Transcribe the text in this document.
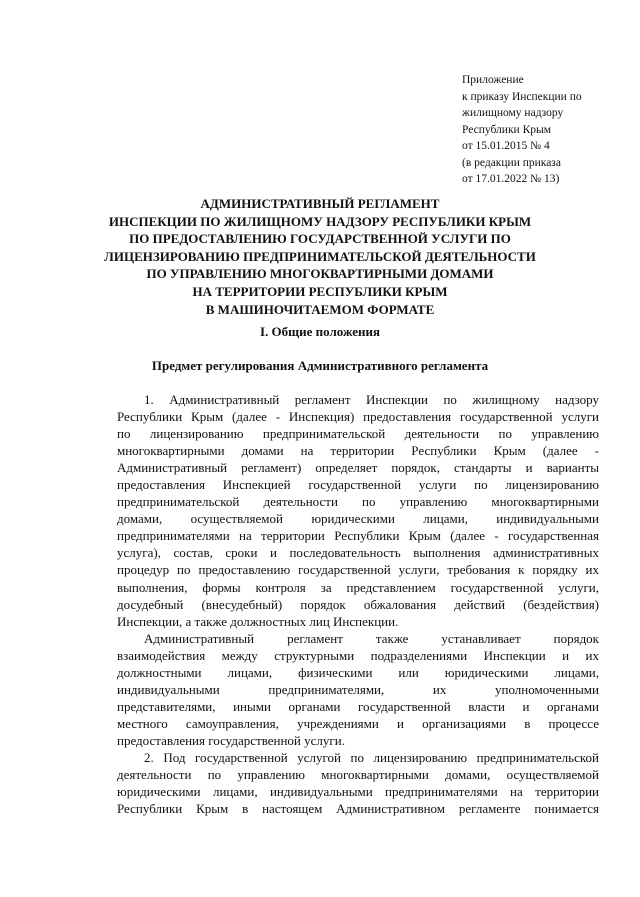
Приложение
к приказу Инспекции по
жилищному надзору
Республики Крым
от 15.01.2015 № 4
(в редакции приказа
от 17.01.2022 № 13)
АДМИНИСТРАТИВНЫЙ РЕГЛАМЕНТ
ИНСПЕКЦИИ ПО ЖИЛИЩНОМУ НАДЗОРУ РЕСПУБЛИКИ КРЫМ
ПО ПРЕДОСТАВЛЕНИЮ ГОСУДАРСТВЕННОЙ УСЛУГИ ПО
ЛИЦЕНЗИРОВАНИЮ ПРЕДПРИНИМАТЕЛЬСКОЙ ДЕЯТЕЛЬНОСТИ
ПО УПРАВЛЕНИЮ МНОГОКВАРТИРНЫМИ ДОМАМИ
НА ТЕРРИТОРИИ РЕСПУБЛИКИ КРЫМ
В МАШИНОЧИТАЕМОМ ФОРМАТЕ
I. Общие положения
Предмет регулирования Административного регламента
1. Административный регламент Инспекции по жилищному надзору
Республики Крым (далее - Инспекция) предоставления государственной услуги
по лицензированию предпринимательской деятельности по управлению
многоквартирными домами на территории Республики Крым (далее -
Административный регламент) определяет порядок, стандарты и варианты
предоставления Инспекцией государственной услуги по лицензированию
предпринимательской деятельности по управлению многоквартирными
домами, осуществляемой юридическими лицами, индивидуальными
предпринимателями на территории Республики Крым (далее - государственная
услуга), состав, сроки и последовательность выполнения административных
процедур по предоставлению государственной услуги, требования к порядку их
выполнения, формы контроля за представлением государственной услуги,
досудебный (внесудебный) порядок обжалования действий (бездействия)
Инспекции, а также должностных лиц Инспекции.
Административный регламент также устанавливает порядок
взаимодействия между структурными подразделениями Инспекции и их
должностными лицами, физическими или юридическими лицами,
индивидуальными предпринимателями, их уполномоченными
представителями, иными органами государственной власти и органами
местного самоуправления, учреждениями и организациями в процессе
предоставления государственной услуги.
2. Под государственной услугой по лицензированию предпринимательской
деятельности по управлению многоквартирными домами, осуществляемой
юридическими лицами, индивидуальными предпринимателями на территории
Республики Крым в настоящем Административном регламенте понимается
